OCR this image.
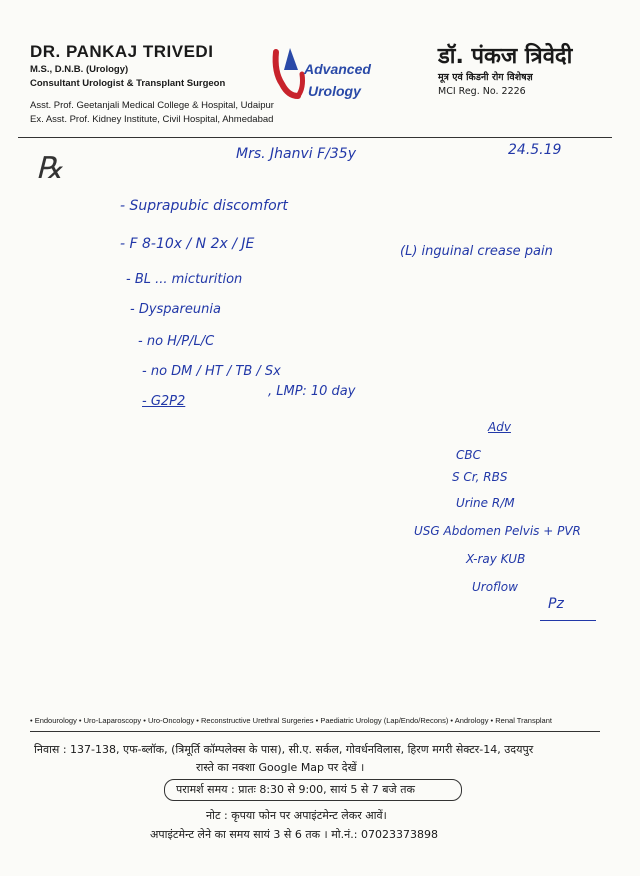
DR. PANKAJ TRIVEDI
M.S., D.N.B. (Urology)
Consultant Urologist & Transplant Surgeon
Asst. Prof. Geetanjali Medical College & Hospital, Udaipur
Ex. Asst. Prof. Kidney Institute, Civil Hospital, Ahmedabad
Advanced
Urology
डॉ. पंकज त्रिवेदी
मूत्र एवं किडनी रोग विशेषज्ञ
MCI Reg. No. 2226
℞	Mrs. Jhanvi F/35y	24.5.19
- Suprapubic discomfort
- F 8-10x / N 2x / JE
- BL ... micturition
- Dyspareunia
- no H/P/L/C
- no DM / HT / TB / Sx
- G2P2
, LMP: 10 day
(L) inguinal crease pain
Adv
CBC
S Cr, RBS
Urine R/M
USG Abdomen Pelvis + PVR
X-ray KUB
Uroflow
Pz
• Endourology • Uro-Laparoscopy • Uro-Oncology • Reconstructive Urethral Surgeries • Paediatric Urology (Lap/Endo/Recons) • Andrology • Renal Transplant
निवास : 137-138, एफ-ब्लॉक, (त्रिमूर्ति कॉम्पलेक्स के पास), सी.ए. सर्कल, गोवर्धनविलास, हिरण मगरी सेक्टर-14, उदयपुर
रास्ते का नक्शा Google Map पर देखें ।
परामर्श समय : प्रातः 8:30 से 9:00, सायं 5 से 7 बजे तक
नोट : कृपया फोन पर अपाइंटमेन्ट लेकर आवें।
अपाइंटमेन्ट लेने का समय सायं 3 से 6 तक । मो.नं.: 07023373898
